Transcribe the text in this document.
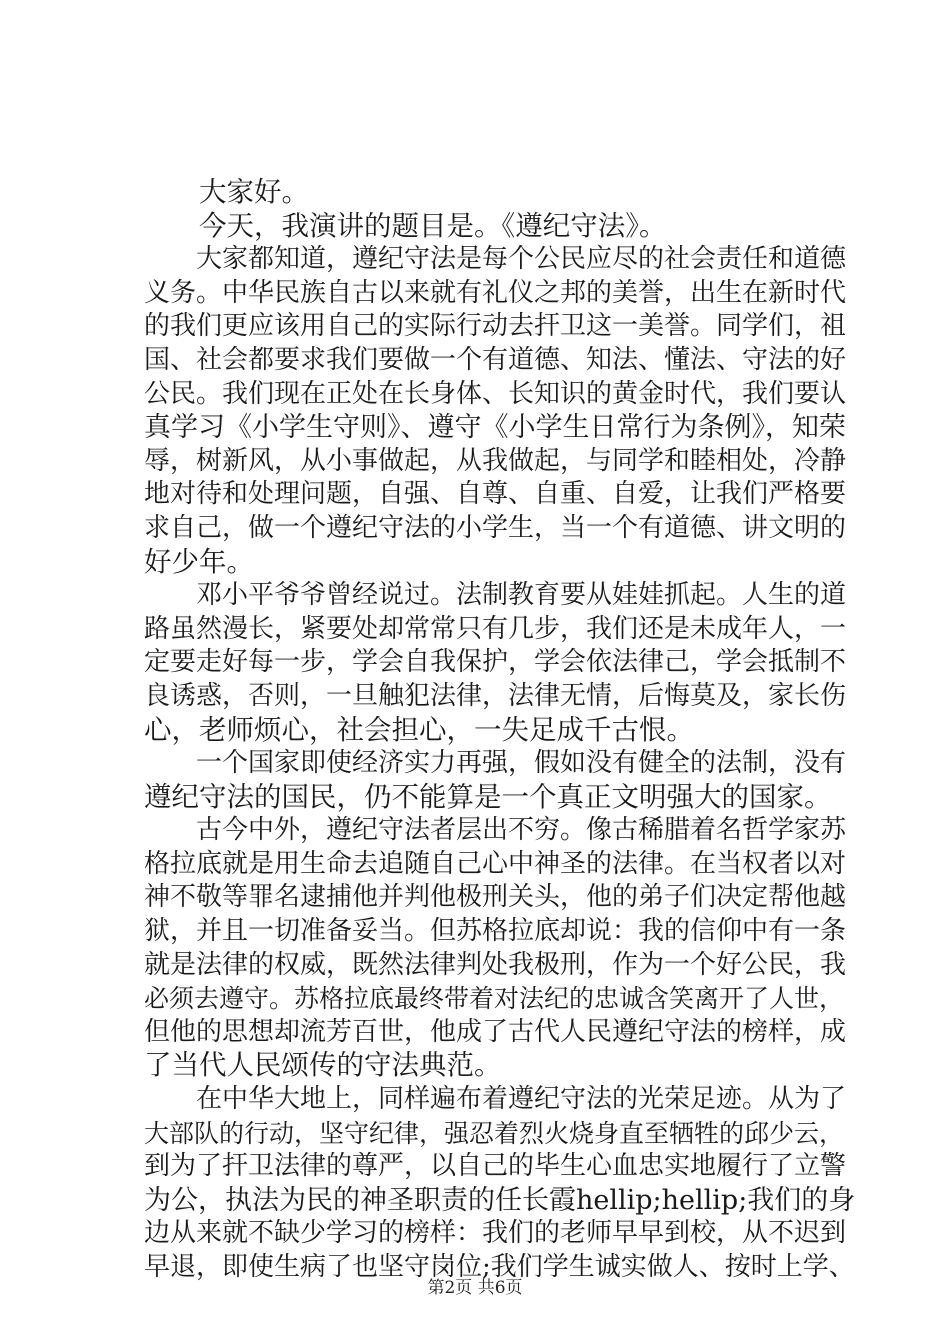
　　大家好。
　　今天，我演讲的题目是。《遵纪守法》。
　　大家都知道，遵纪守法是每个公民应尽的社会责任和道德
义务。中华民族自古以来就有礼仪之邦的美誉，出生在新时代
的我们更应该用自己的实际行动去扞卫这一美誉。同学们，祖
国、社会都要求我们要做一个有道德、知法、懂法、守法的好
公民。我们现在正处在长身体、长知识的黄金时代，我们要认
真学习《小学生守则》、遵守《小学生日常行为条例》，知荣
辱，树新风，从小事做起，从我做起，与同学和睦相处，冷静
地对待和处理问题，自强、自尊、自重、自爱，让我们严格要
求自己，做一个遵纪守法的小学生，当一个有道德、讲文明的
好少年。
　　邓小平爷爷曾经说过。法制教育要从娃娃抓起。人生的道
路虽然漫长，紧要处却常常只有几步，我们还是未成年人，一
定要走好每一步，学会自我保护，学会依法律己，学会抵制不
良诱惑，否则，一旦触犯法律，法律无情，后悔莫及，家长伤
心，老师烦心，社会担心，一失足成千古恨。
　　一个国家即使经济实力再强，假如没有健全的法制，没有
遵纪守法的国民，仍不能算是一个真正文明强大的国家。
　　古今中外，遵纪守法者层出不穷。像古稀腊着名哲学家苏
格拉底就是用生命去追随自己心中神圣的法律。在当权者以对
神不敬等罪名逮捕他并判他极刑关头，他的弟子们决定帮他越
狱，并且一切准备妥当。但苏格拉底却说：我的信仰中有一条
就是法律的权威，既然法律判处我极刑，作为一个好公民，我
必须去遵守。苏格拉底最终带着对法纪的忠诚含笑离开了人世，
但他的思想却流芳百世，他成了古代人民遵纪守法的榜样，成
了当代人民颂传的守法典范。
　　在中华大地上，同样遍布着遵纪守法的光荣足迹。从为了
大部队的行动，坚守纪律，强忍着烈火烧身直至牺牲的邱少云，
到为了扞卫法律的尊严，以自己的毕生心血忠实地履行了立警
为公，执法为民的神圣职责的任长霞hellip;hellip;我们的身
边从来就不缺少学习的榜样：我们的老师早早到校，从不迟到
早退，即使生病了也坚守岗位;我们学生诚实做人、按时上学、
第2页 共6页
